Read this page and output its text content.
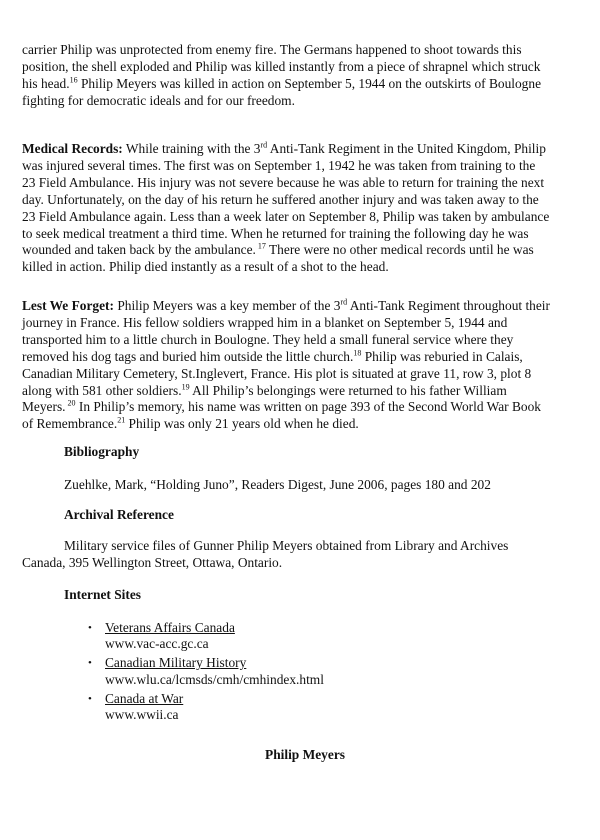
carrier Philip was unprotected from enemy fire. The Germans happened to shoot towards this position, the shell exploded and Philip was killed instantly from a piece of shrapnel which struck his head.$^{16}$ Philip Meyers was killed in action on September 5, 1944 on the outskirts of Boulogne fighting for democratic ideals and for our freedom.

Medical Records: While training with the 3rd Anti-Tank Regiment in the United Kingdom, Philip was injured several times. The first was on September 1, 1942 he was taken from training to the 23 Field Ambulance. His injury was not severe because he was able to return for training the next day. Unfortunately, on the day of his return he suffered another injury and was taken away to the 23 Field Ambulance again. Less than a week later on September 8, Philip was taken by ambulance to seek medical treatment a third time. When he returned for training the following day he was wounded and taken back by the ambulance. $^{17}$ There were no other medical records until he was killed in action. Philip died instantly as a result of a shot to the head.

Lest We Forget: Philip Meyers was a key member of the 3rd Anti-Tank Regiment throughout their journey in France. His fellow soldiers wrapped him in a blanket on September 5, 1944 and transported him to a little church in Boulogne. They held a small funeral service where they removed his dog tags and buried him outside the little church.$^{18}$ Philip was reburied in Calais, Canadian Military Cemetery, St.Inglevert, France. His plot is situated at grave 11, row 3, plot 8 along with 581 other soldiers.$^{19}$ All Philip’s belongings were returned to his father William Meyers. $^{20}$ In Philip’s memory, his name was written on page 393 of the Second World War Book of Remembrance.$^{21}$ Philip was only 21 years old when he died.

Bibliography

Zuehlke, Mark, “Holding Juno”, Readers Digest, June 2006, pages 180 and 202

Archival Reference

Military service files of Gunner Philip Meyers obtained from Library and Archives

Canada, 395 Wellington Street, Ottawa, Ontario.

Internet Sites

• Veterans Affairs Canada
www.vac-acc.gc.ca
• Canadian Military History
www.wlu.ca/lcmsds/cmh/cmhindex.html
• Canada at War
www.wwii.ca

Philip Meyers
